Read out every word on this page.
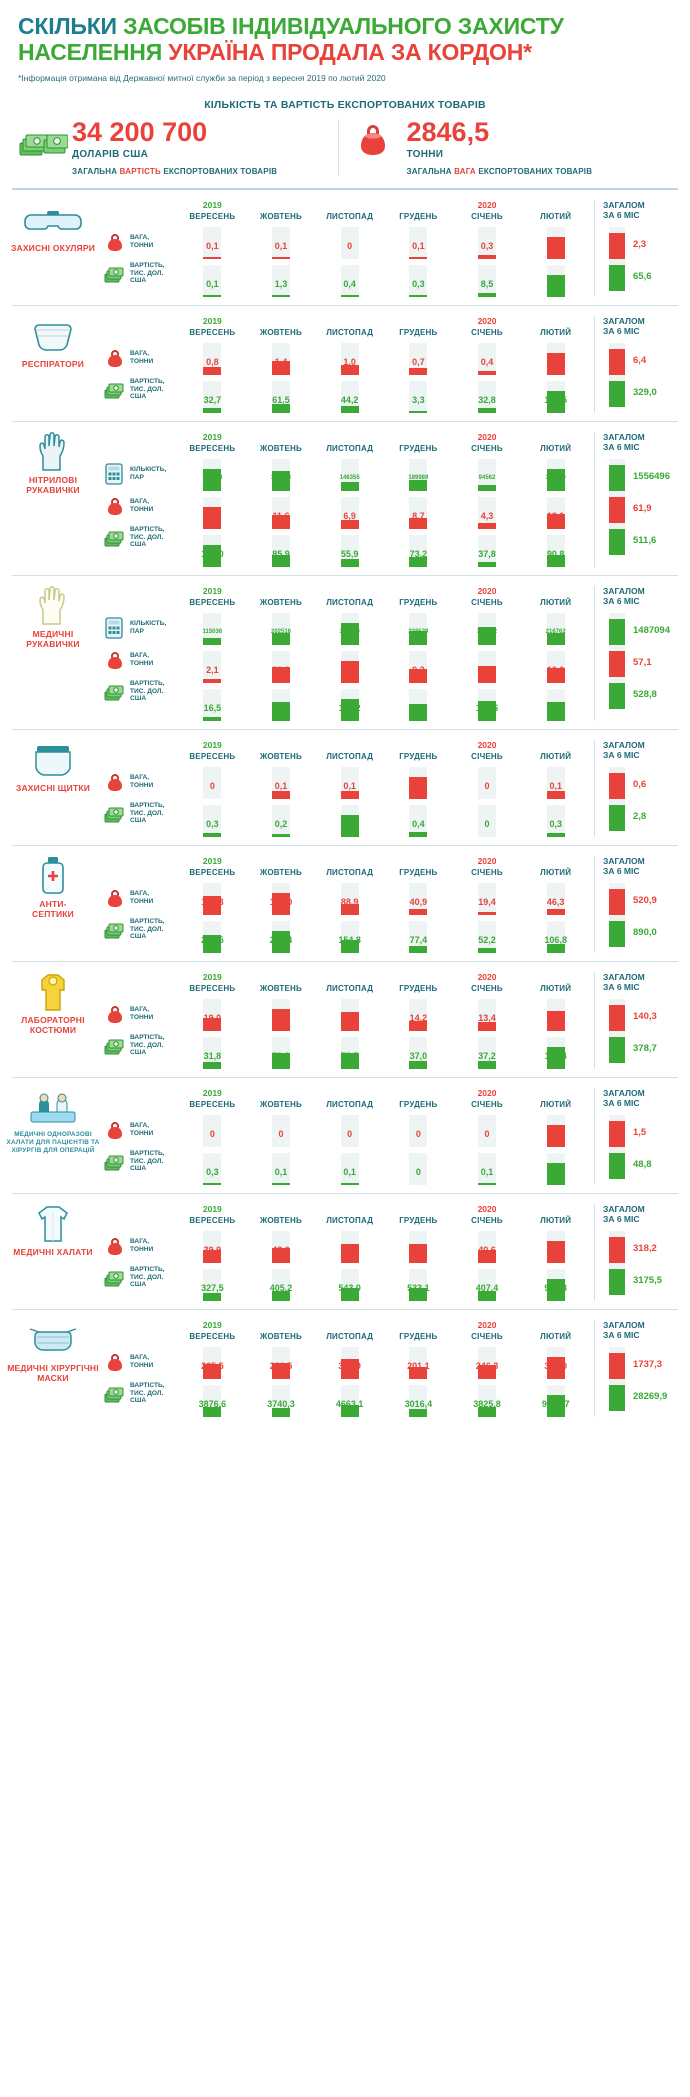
СКІЛЬКИ ЗАСОБІВ ІНДИВІДУАЛЬНОГО ЗАХИСТУ
НАСЕЛЕННЯ УКРАЇНА ПРОДАЛА ЗА КОРДОН*
*Інформація отримана від Державної митної служби за період з вересня 2019 по лютий 2020
КІЛЬКІСТЬ ТА ВАРТІСТЬ ЕКСПОРТОВАНИХ ТОВАРІВ
34 200 700
ДОЛАРІВ США
ЗАГАЛЬНА ВАРТІСТЬ ЕКСПОРТОВАНИХ ТОВАРІВ
2846,5
ТОННИ
ЗАГАЛЬНА ВАГА ЕКСПОРТОВАНИХ ТОВАРІВ
ЗАХИСНІ ОКУЛЯРИ
ВАГА,
ТОННИ
ВАРТІСТЬ,
ТИС. ДОЛ.
США
2019
ВЕРЕСЕНЬ	ЖОВТЕНЬ	ЛИСТОПАД	ГРУДЕНЬ
2020
СІЧЕНЬ	ЛЮТИЙ
0,1	0,1	0	0,1	0,3	1,8
0,1	1,3	0,4	0,3	8,5	54,9
ЗАГАЛОМ
ЗА 6 МІС
2,3
65,6
РЕСПІРАТОРИ
ВАГА,
ТОННИ
ВАРТІСТЬ,
ТИС. ДОЛ.
США
2019
ВЕРЕСЕНЬ	ЖОВТЕНЬ	ЛИСТОПАД	ГРУДЕНЬ
2020
СІЧЕНЬ	ЛЮТИЙ
0,8	1,4	1,0	0,7	0,4	2,2
32,7	61,5	44,2	3,3	32,8	154,5
ЗАГАЛОМ
ЗА 6 МІС
6,4
329,0
НІТРИЛОВІ РУКАВИЧКИ
КІЛЬКІСТЬ,
ПАР
ВАГА,
ТОННИ
ВАРТІСТЬ,
ТИС. ДОЛ.
США
2019
ВЕРЕСЕНЬ	ЖОВТЕНЬ	ЛИСТОПАД	ГРУДЕНЬ
2020
СІЧЕНЬ	ЛЮТИЙ
388008	347893	146355	189989	94562	389689
18,3	11,6	6,9	8,7	4,3	12,1
168,0	85,9	55,9	73,2	37,8	90,8
ЗАГАЛОМ
ЗА 6 МІС
1556496
61,9
511,6
МЕДИЧНІ РУКАВИЧКИ
КІЛЬКІСТЬ,
ПАР
ВАГА,
ТОННИ
ВАРТІСТЬ,
ТИС. ДОЛ.
США
2019
ВЕРЕСЕНЬ	ЖОВТЕНЬ	ЛИСТОПАД	ГРУДЕНЬ
2020
СІЧЕНЬ	ЛЮТИЙ
115036	202516	397379	238529	316872	216762
2,1	10,1	14,7	9,2	11,0	10,0
16,5	98,1	118,2	90,1	107,6	98,2
ЗАГАЛОМ
ЗА 6 МІС
1487094
57,1
528,8
ЗАХИСНІ ЩИТКИ
ВАГА,
ТОННИ
ВАРТІСТЬ,
ТИС. ДОЛ.
США
2019
ВЕРЕСЕНЬ	ЖОВТЕНЬ	ЛИСТОПАД	ГРУДЕНЬ
2020
СІЧЕНЬ	ЛЮТИЙ
0	0,1	0,1	0,3	0	0,1
0,3	0,2	1,8	0,4	0	0,3
ЗАГАЛОМ
ЗА 6 МІС
0,6
2,8
АНТИ-
СЕПТИКИ
ВАГА,
ТОННИ
ВАРТІСТЬ,
ТИС. ДОЛ.
США
2019
ВЕРЕСЕНЬ	ЖОВТЕНЬ	ЛИСТОПАД	ГРУДЕНЬ
2020
СІЧЕНЬ	ЛЮТИЙ
148,3	177,0	88,9	40,9	19,4	46,3
222,5	276,4	154,8	77,4	52,2	106,8
ЗАГАЛОМ
ЗА 6 МІС
520,9
890,0
ЛАБОРАТОРНІ КОСТЮМИ
ВАГА,
ТОННИ
ВАРТІСТЬ,
ТИС. ДОЛ.
США
2019
ВЕРЕСЕНЬ	ЖОВТЕНЬ	ЛИСТОПАД	ГРУДЕНЬ
2020
СІЧЕНЬ	ЛЮТИЙ
19,0	34,3	29,1	14,2	13,4	30,2
31,8	79,8	78,5	37,0	37,2	114,4
ЗАГАЛОМ
ЗА 6 МІС
140,3
378,7
МЕДИЧНІ ОДНОРАЗОВІ ХАЛАТИ ДЛЯ ПАЦІЄНТІВ ТА ХІРУРГІВ ДЛЯ ОПЕРАЦІЙ
ВАГА,
ТОННИ
ВАРТІСТЬ,
ТИС. ДОЛ.
США
2019
ВЕРЕСЕНЬ	ЖОВТЕНЬ	ЛИСТОПАД	ГРУДЕНЬ
2020
СІЧЕНЬ	ЛЮТИЙ
0	0	0	0	0	1,5
0,3	0,1	0,1	0	0,1	48,1
ЗАГАЛОМ
ЗА 6 МІС
1,5
48,8
МЕДИЧНІ ХАЛАТИ
ВАГА,
ТОННИ
ВАРТІСТЬ,
ТИС. ДОЛ.
США
2019
ВЕРЕСЕНЬ	ЖОВТЕНЬ	ЛИСТОПАД	ГРУДЕНЬ
2020
СІЧЕНЬ	ЛЮТИЙ
39,9	48,0	59,0	59,1	40,6	71,6
327,5	405,2	543,0	533,1	407,4	959,3
ЗАГАЛОМ
ЗА 6 МІС
318,2
3175,5
МЕДИЧНІ ХІРУРГІЧНІ МАСКИ
ВАГА,
ТОННИ
ВАРТІСТЬ,
ТИС. ДОЛ.
США
2019
ВЕРЕСЕНЬ	ЖОВТЕНЬ	ЛИСТОПАД	ГРУДЕНЬ
2020
СІЧЕНЬ	ЛЮТИЙ
265,5	286,5	343,9	201,1	246,3	394,0
3876,6	3740,3	4663,1	3016,4	3825,8	9147,7
ЗАГАЛОМ
ЗА 6 МІС
1737,3
28269,9
